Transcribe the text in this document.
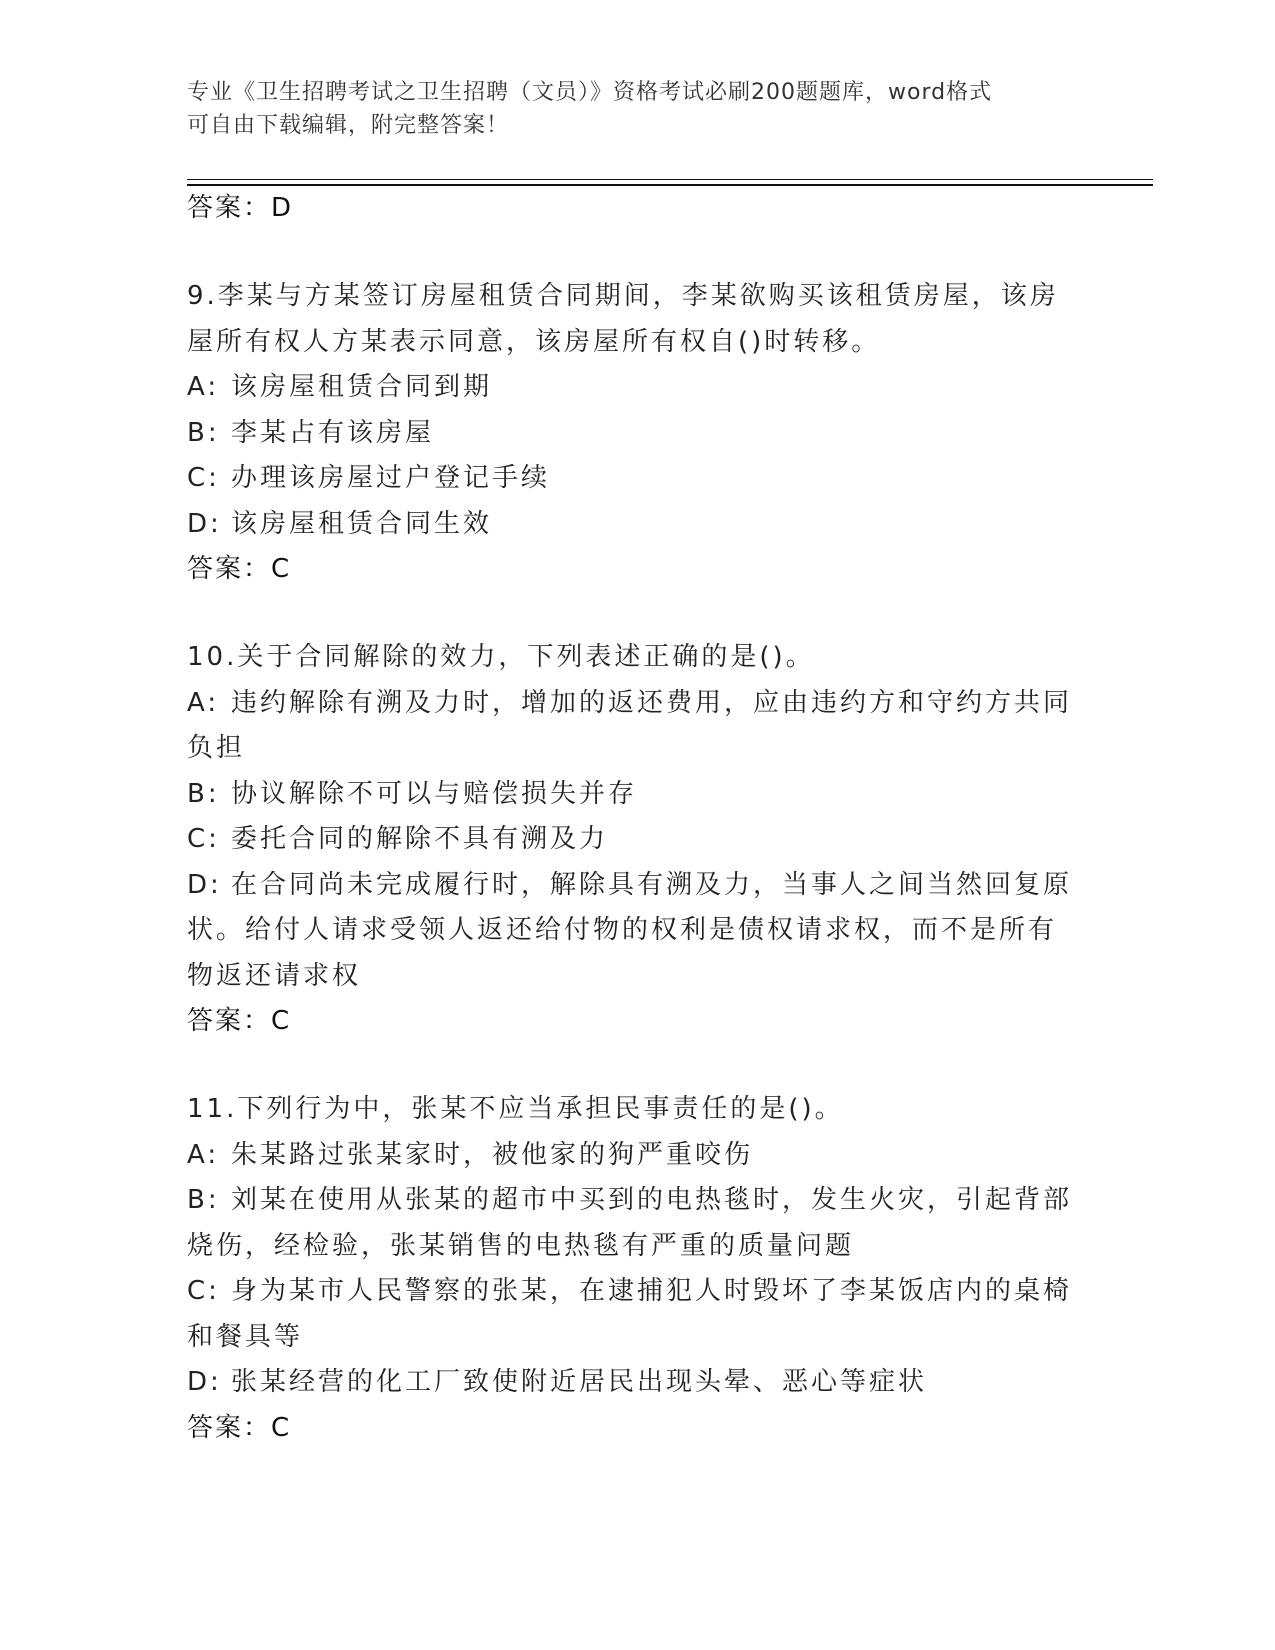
专业《卫生招聘考试之卫生招聘（文员）》资格考试必刷200题题库，word格式
可自由下载编辑，附完整答案！
答案：D
9.李某与方某签订房屋租赁合同期间，李某欲购买该租赁房屋，该房
屋所有权人方某表示同意，该房屋所有权自()时转移。
A: 该房屋租赁合同到期
B: 李某占有该房屋
C: 办理该房屋过户登记手续
D: 该房屋租赁合同生效
答案：C
10.关于合同解除的效力，下列表述正确的是()。
A: 违约解除有溯及力时，增加的返还费用，应由违约方和守约方共同
负担
B: 协议解除不可以与赔偿损失并存
C: 委托合同的解除不具有溯及力
D: 在合同尚未完成履行时，解除具有溯及力，当事人之间当然回复原
状。给付人请求受领人返还给付物的权利是债权请求权，而不是所有
物返还请求权
答案：C
11.下列行为中，张某不应当承担民事责任的是()。
A: 朱某路过张某家时，被他家的狗严重咬伤
B: 刘某在使用从张某的超市中买到的电热毯时，发生火灾，引起背部
烧伤，经检验，张某销售的电热毯有严重的质量问题
C: 身为某市人民警察的张某，在逮捕犯人时毁坏了李某饭店内的桌椅
和餐具等
D: 张某经营的化工厂致使附近居民出现头晕、恶心等症状
答案：C
